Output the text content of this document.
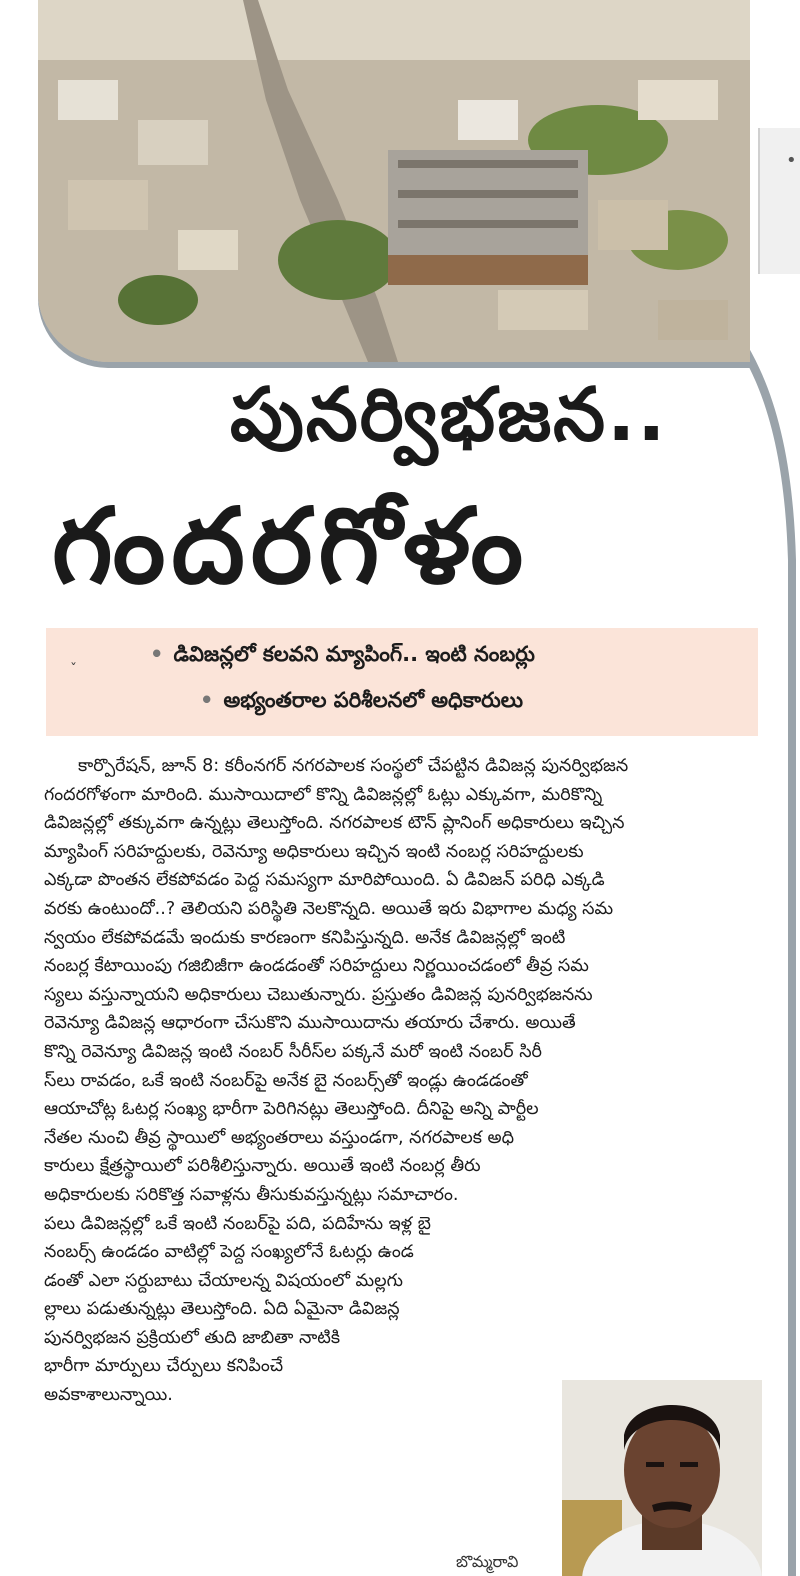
•
పునర్విభజన..
గందరగోళం
ˇ
• డివిజన్లలో కలవని మ్యాపింగ్.. ఇంటి నంబర్లు
• అభ్యంతరాల పరిశీలనలో అధికారులు

కార్పొరేషన్, జూన్ 8: కరీంనగర్ నగరపాలక సంస్థలో చేపట్టిన డివిజన్ల పునర్విభజన

గందరగోళంగా మారింది. ముసాయిదాలో కొన్ని డివిజన్లల్లో ఓట్లు ఎక్కువగా, మరికొన్ని

డివిజన్లల్లో తక్కువగా ఉన్నట్లు తెలుస్తోంది. నగరపాలక టౌన్ ప్లానింగ్ అధికారులు ఇచ్చిన

మ్యాపింగ్ సరిహద్దులకు, రెవెన్యూ అధికారులు ఇచ్చిన ఇంటి నంబర్ల సరిహద్దులకు

ఎక్కడా పొంతన లేకపోవడం పెద్ద సమస్యగా మారిపోయింది. ఏ డివిజన్ పరిధి ఎక్కడి

వరకు ఉంటుందో..? తెలియని పరిస్థితి నెలకొన్నది. అయితే ఇరు విభాగాల మధ్య సమ

న్వయం లేకపోవడమే ఇందుకు కారణంగా కనిపిస్తున్నది. అనేక డివిజన్లల్లో ఇంటి

నంబర్ల కేటాయింపు గజిబిజీగా ఉండడంతో సరిహద్దులు నిర్ణయించడంలో తీవ్ర సమ

స్యలు వస్తున్నాయని అధికారులు చెబుతున్నారు. ప్రస్తుతం డివిజన్ల పునర్విభజనను

రెవెన్యూ డివిజన్ల ఆధారంగా చేసుకొని ముసాయిదాను తయారు చేశారు. అయితే

కొన్ని రెవెన్యూ డివిజన్ల ఇంటి నంబర్ సీరీస్‌ల పక్కనే మరో ఇంటి నంబర్ సిరీ

స్‌లు రావడం, ఒకే ఇంటి నంబర్‌పై అనేక బై నంబర్స్‌తో ఇండ్లు ఉండడంతో

ఆయాచోట్ల ఓటర్ల సంఖ్య భారీగా పెరిగినట్లు తెలుస్తోంది. దీనిపై అన్ని పార్టీల

నేతల నుంచి తీవ్ర స్థాయిలో అభ్యంతరాలు వస్తుండగా, నగరపాలక అధి

కారులు క్షేత్రస్థాయిలో పరిశీలిస్తున్నారు. అయితే ఇంటి నంబర్ల తీరు

అధికారులకు సరికొత్త సవాళ్లను తీసుకువస్తున్నట్లు సమాచారం.

పలు డివిజన్లల్లో ఒకే ఇంటి నంబర్‌పై పది, పదిహేను ఇళ్ల బై

నంబర్స్ ఉండడం వాటిల్లో పెద్ద సంఖ్యలోనే ఓటర్లు ఉండ

డంతో ఎలా సర్దుబాటు చేయాలన్న విషయంలో మల్లగు

ల్లాలు పడుతున్నట్లు తెలుస్తోంది. ఏది ఏమైనా డివిజన్ల

పునర్విభజన ప్రక్రియలో తుది జాబితా నాటికి

భారీగా మార్పులు చేర్పులు కనిపించే

అవకాశాలున్నాయి.

బొమ్మరావి
